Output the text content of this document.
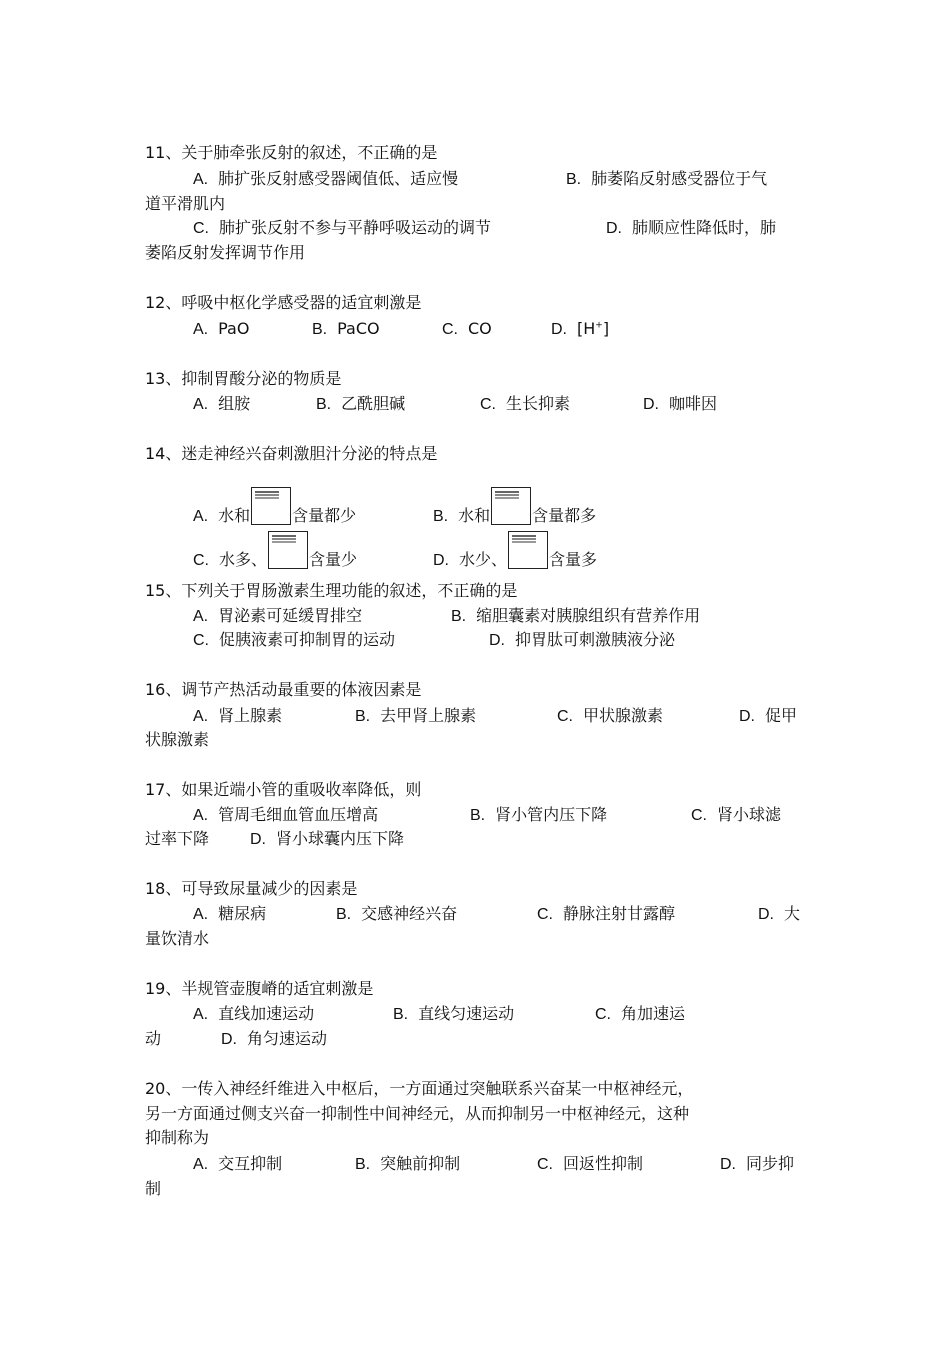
11、关于肺牵张反射的叙述，不正确的是
A. 肺扩张反射感受器阈值低、适应慢	B. 肺萎陷反射感受器位于气
道平滑肌内
C. 肺扩张反射不参与平静呼吸运动的调节	D. 肺顺应性降低时，肺
萎陷反射发挥调节作用
12、呼吸中枢化学感受器的适宜刺激是
A. PaO	B. PaCO	C. CO	D. [H+]
13、抑制胃酸分泌的物质是
A. 组胺	B. 乙酰胆碱	C. 生长抑素	D. 咖啡因
14、迷走神经兴奋刺激胆汁分泌的特点是
A. 水和	含量都少	B. 水和	含量都多
C. 水多、	含量少	D. 水少、	含量多
15、下列关于胃肠激素生理功能的叙述，不正确的是
A. 胃泌素可延缓胃排空	B. 缩胆囊素对胰腺组织有营养作用
C. 促胰液素可抑制胃的运动	D. 抑胃肽可刺激胰液分泌
16、调节产热活动最重要的体液因素是
A. 肾上腺素	B. 去甲肾上腺素	C. 甲状腺激素	D. 促甲
状腺激素
17、如果近端小管的重吸收率降低，则
A. 管周毛细血管血压增高	B. 肾小管内压下降	C. 肾小球滤
过率下降	D. 肾小球囊内压下降
18、可导致尿量减少的因素是
A. 糖尿病	B. 交感神经兴奋	C. 静脉注射甘露醇	D. 大
量饮清水
19、半规管壶腹嵴的适宜刺激是
A. 直线加速运动	B. 直线匀速运动	C. 角加速运
动	D. 角匀速运动
20、一传入神经纤维进入中枢后，一方面通过突触联系兴奋某一中枢神经元，
另一方面通过侧支兴奋一抑制性中间神经元，从而抑制另一中枢神经元，这种
抑制称为
A. 交互抑制	B. 突触前抑制	C. 回返性抑制	D. 同步抑
制
